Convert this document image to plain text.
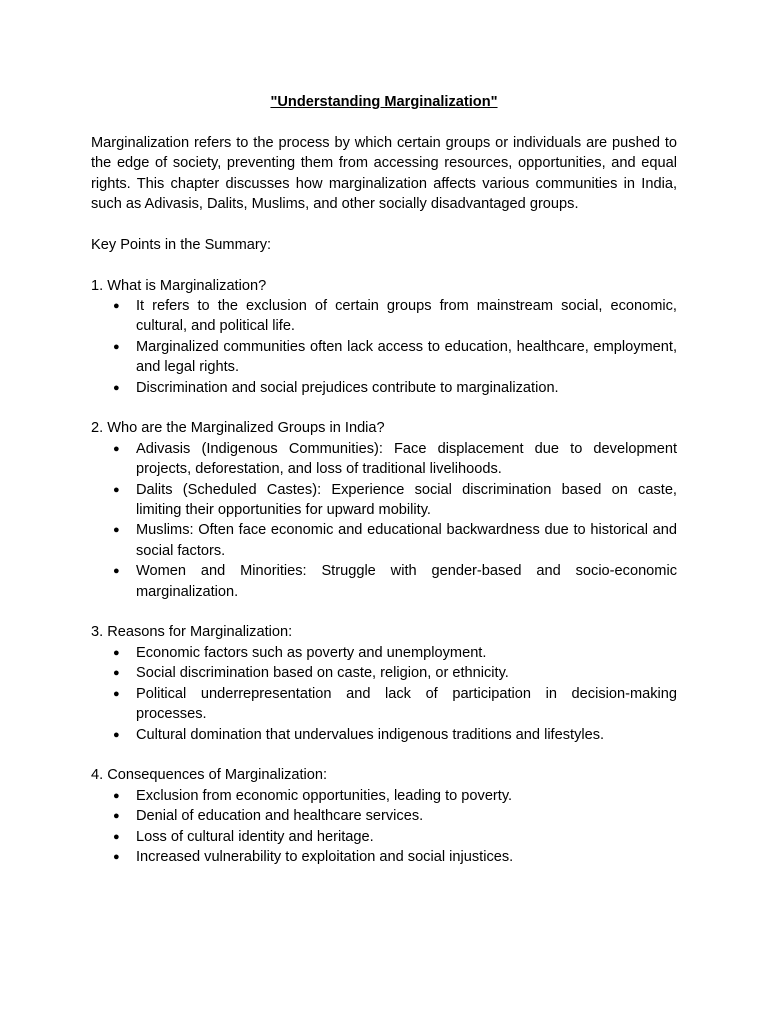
"Understanding Marginalization"

Marginalization refers to the process by which certain groups or individuals are pushed to the edge of society, preventing them from accessing resources, opportunities, and equal rights. This chapter discusses how marginalization affects various communities in India, such as Adivasis, Dalits, Muslims, and other socially disadvantaged groups.

Key Points in the Summary:

1. What is Marginalization?

● It refers to the exclusion of certain groups from mainstream social, economic, cultural, and political life.
● Marginalized communities often lack access to education, healthcare, employment, and legal rights.
● Discrimination and social prejudices contribute to marginalization.

2. Who are the Marginalized Groups in India?

● Adivasis (Indigenous Communities): Face displacement due to development projects, deforestation, and loss of traditional livelihoods.
● Dalits (Scheduled Castes): Experience social discrimination based on caste, limiting their opportunities for upward mobility.
● Muslims: Often face economic and educational backwardness due to historical and social factors.
● Women and Minorities: Struggle with gender-based and socio-economic marginalization.

3. Reasons for Marginalization:

● Economic factors such as poverty and unemployment.
● Social discrimination based on caste, religion, or ethnicity.
● Political underrepresentation and lack of participation in decision-making processes.
● Cultural domination that undervalues indigenous traditions and lifestyles.

4. Consequences of Marginalization:

● Exclusion from economic opportunities, leading to poverty.
● Denial of education and healthcare services.
● Loss of cultural identity and heritage.
● Increased vulnerability to exploitation and social injustices.
